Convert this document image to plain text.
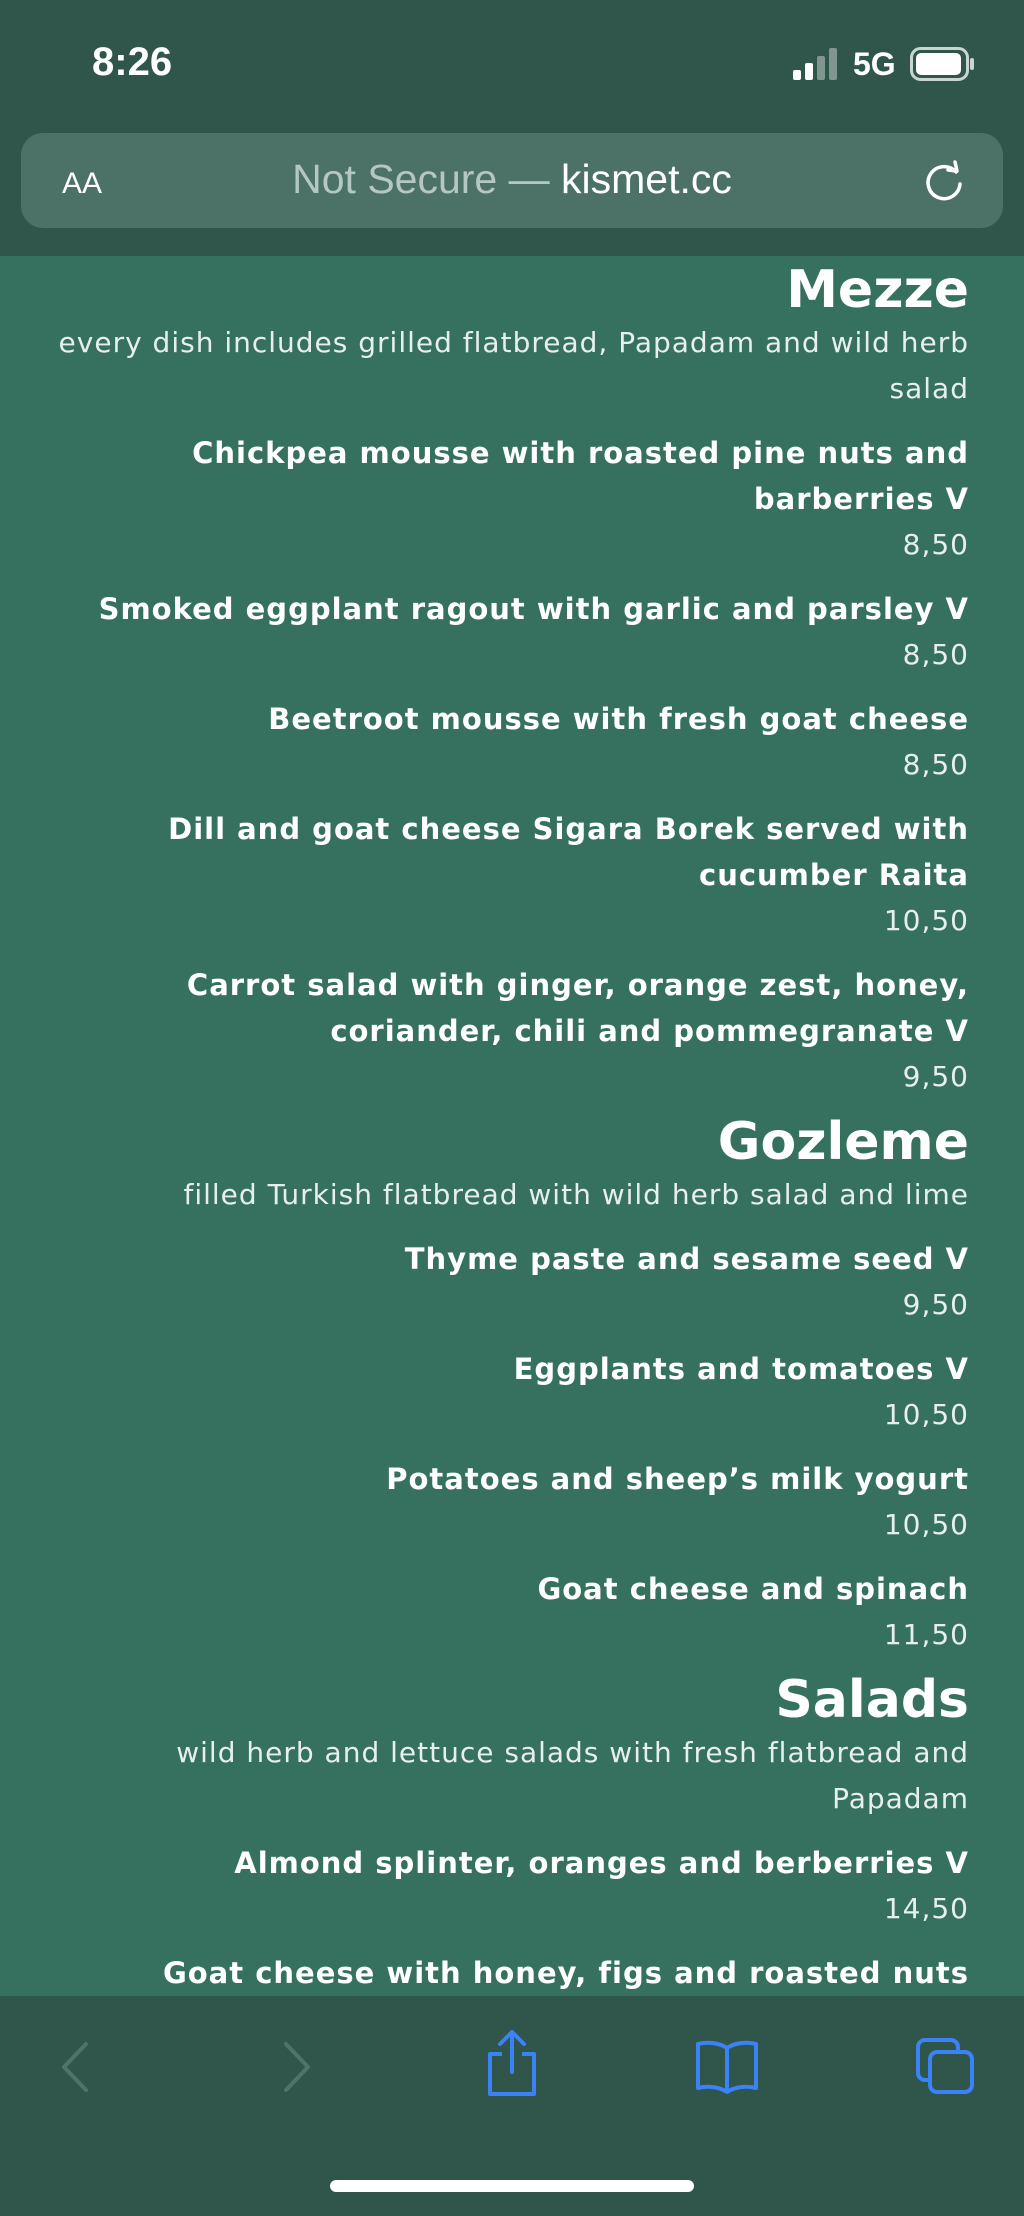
8:26	5G
AA	Not Secure — kismet.cc
Mezze
every dish includes grilled flatbread, Papadam and wild herb salad
Chickpea mousse with roasted pine nuts and barberries V
8,50
Smoked eggplant ragout with garlic and parsley V
8,50
Beetroot mousse with fresh goat cheese
8,50
Dill and goat cheese Sigara Borek served with cucumber Raita
10,50
Carrot salad with ginger, orange zest, honey, coriander, chili and pommegranate V
9,50
Gozleme
filled Turkish flatbread with wild herb salad and lime
Thyme paste and sesame seed V
9,50
Eggplants and tomatoes V
10,50
Potatoes and sheep’s milk yogurt
10,50
Goat cheese and spinach
11,50
Salads
wild herb and lettuce salads with fresh flatbread and Papadam
Almond splinter, oranges and berberries V
14,50
Goat cheese with honey, figs and roasted nuts
